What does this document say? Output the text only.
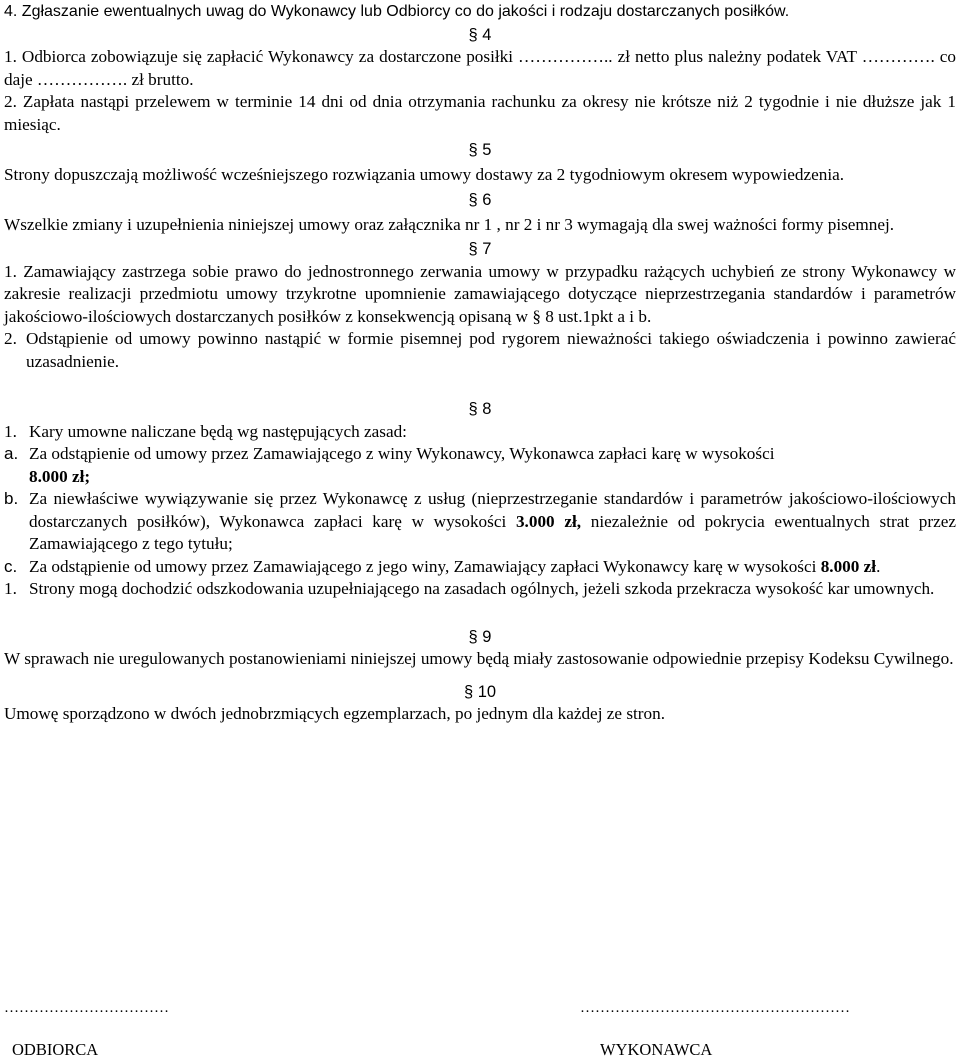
4. Zgłaszanie ewentualnych uwag do Wykonawcy lub Odbiorcy co do jakości i rodzaju dostarczanych posiłków.

§ 4

1. Odbiorca zobowiązuje się zapłacić Wykonawcy za dostarczone posiłki …………….. zł netto plus należny podatek VAT …………. co daje ……………. zł brutto.

2. Zapłata nastąpi przelewem w terminie 14 dni od dnia otrzymania rachunku za okresy nie krótsze niż 2 tygodnie i nie dłuższe jak 1 miesiąc.

§ 5

Strony dopuszczają możliwość wcześniejszego rozwiązania umowy dostawy za 2 tygodniowym okresem wypowiedzenia.

§ 6

Wszelkie zmiany i uzupełnienia niniejszej umowy oraz załącznika nr 1 , nr 2 i nr 3 wymagają dla swej ważności formy pisemnej.

§ 7

1. Zamawiający zastrzega sobie prawo do jednostronnego zerwania umowy w przypadku rażących uchybień ze strony Wykonawcy w zakresie realizacji przedmiotu umowy trzykrotne upomnienie zamawiającego dotyczące nieprzestrzegania standardów i parametrów jakościowo-ilościowych dostarczanych posiłków z konsekwencją opisaną w § 8 ust.1pkt a i b.

2. Odstąpienie od umowy powinno nastąpić w formie pisemnej pod rygorem nieważności takiego oświadczenia i powinno zawierać uzasadnienie.

§ 8

1. Kary umowne naliczane będą wg następujących zasad:
a. Za odstąpienie od umowy przez Zamawiającego z winy Wykonawcy, Wykonawca zapłaci karę w wysokości
8.000 zł;
b. Za niewłaściwe wywiązywanie się przez Wykonawcę z usług (nieprzestrzeganie standardów i parametrów jakościowo-ilościowych dostarczanych posiłków), Wykonawca zapłaci karę w wysokości 3.000 zł, niezależnie od pokrycia ewentualnych strat przez Zamawiającego z tego tytułu;
c. Za odstąpienie od umowy przez Zamawiającego z jego winy, Zamawiający zapłaci Wykonawcy karę w wysokości 8.000 zł.
1. Strony mogą dochodzić odszkodowania uzupełniającego na zasadach ogólnych, jeżeli szkoda przekracza wysokość kar umownych.

§ 9

W sprawach nie uregulowanych postanowieniami niniejszej umowy będą miały zastosowanie odpowiednie przepisy Kodeksu Cywilnego.

§ 10

Umowę sporządzono w dwóch jednobrzmiących egzemplarzach, po jednym dla każdej ze stron.

……………………………	………………………………………………
ODBIORCA	WYKONAWCA
